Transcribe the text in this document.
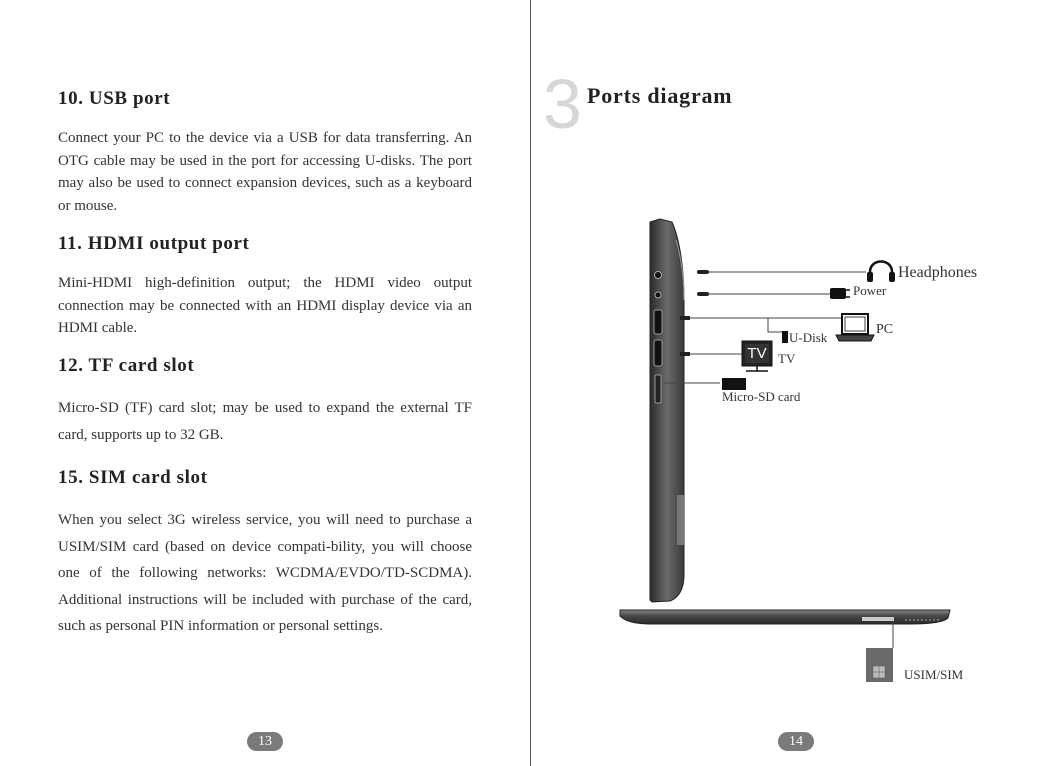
10. USB port

Connect your PC to the device via a USB for data transferring. An OTG cable may be used in the port for accessing U-disks. The port may also be used to connect expansion devices, such as a keyboard or mouse.

11. HDMI output port

Mini-HDMI high-definition output; the HDMI video output connection may be connected with an HDMI display device via an HDMI cable.

12. TF card slot

Micro-SD (TF) card slot; may be used to expand the external TF card, supports up to 32 GB.

15. SIM card slot

When you select 3G wireless service, you will need to purchase a USIM/SIM card (based on device compati-bility, you will choose one of the following networks: WCDMA/EVDO/TD-SCDMA). Additional instructions will be included with purchase of the card, such as personal PIN information or personal settings.

13
3 Ports diagram
Headphones
Power
U-Disk
PC
TV TV
Micro-SD card
USIM/SIM
14
